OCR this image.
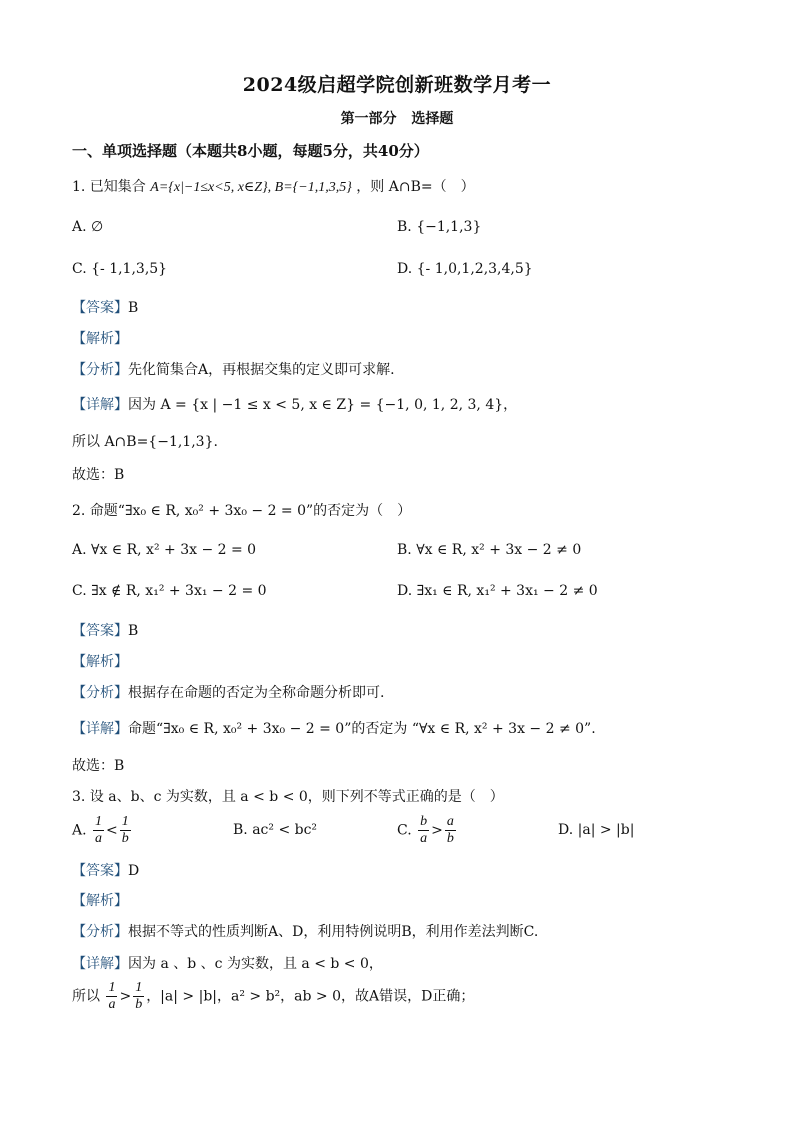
2024级启超学院创新班数学月考一
第一部分 选择题
一、单项选择题（本题共8小题，每题5分，共40分）
1. 已知集合 A={x|−1≤x<5, x∈Z}, B={−1,1,3,5} ，则 A∩B=（　）
A. ∅	B. {−1,1,3}
C. {- 1,1,3,5}	D. {- 1,0,1,2,3,4,5}
【答案】B
【解析】
【分析】先化简集合A，再根据交集的定义即可求解.
【详解】因为 A = {x | −1 ≤ x < 5, x ∈ Z} = {−1, 0, 1, 2, 3, 4}，
所以 A∩B={−1,1,3}.
故选：B
2. 命题“∃x₀ ∈ R, x₀² + 3x₀ − 2 = 0”的否定为（　）
A. ∀x ∈ R, x² + 3x − 2 = 0	B. ∀x ∈ R, x² + 3x − 2 ≠ 0
C. ∃x ∉ R, x₁² + 3x₁ − 2 = 0	D. ∃x₁ ∈ R, x₁² + 3x₁ − 2 ≠ 0
【答案】B
【解析】
【分析】根据存在命题的否定为全称命题分析即可.
【详解】命题“∃x₀ ∈ R, x₀² + 3x₀ − 2 = 0”的否定为 “∀x ∈ R, x² + 3x − 2 ≠ 0”.
故选：B
3. 设 a、b、c 为实数，且 a < b < 0，则下列不等式正确的是（　）
A. $\frac{1}{a} < \frac{1}{b}$	B. ac² < bc²	C. $\frac{b}{a} > \frac{a}{b}$	D. |a| > |b|
【答案】D
【解析】
【分析】根据不等式的性质判断A、D，利用特例说明B，利用作差法判断C.
【详解】因为 a 、b 、c 为实数，且 a < b < 0，
所以 $\frac{1}{a} > \frac{1}{b}$ ，|a| > |b|，a² > b²，ab > 0，故A错误，D正确；
